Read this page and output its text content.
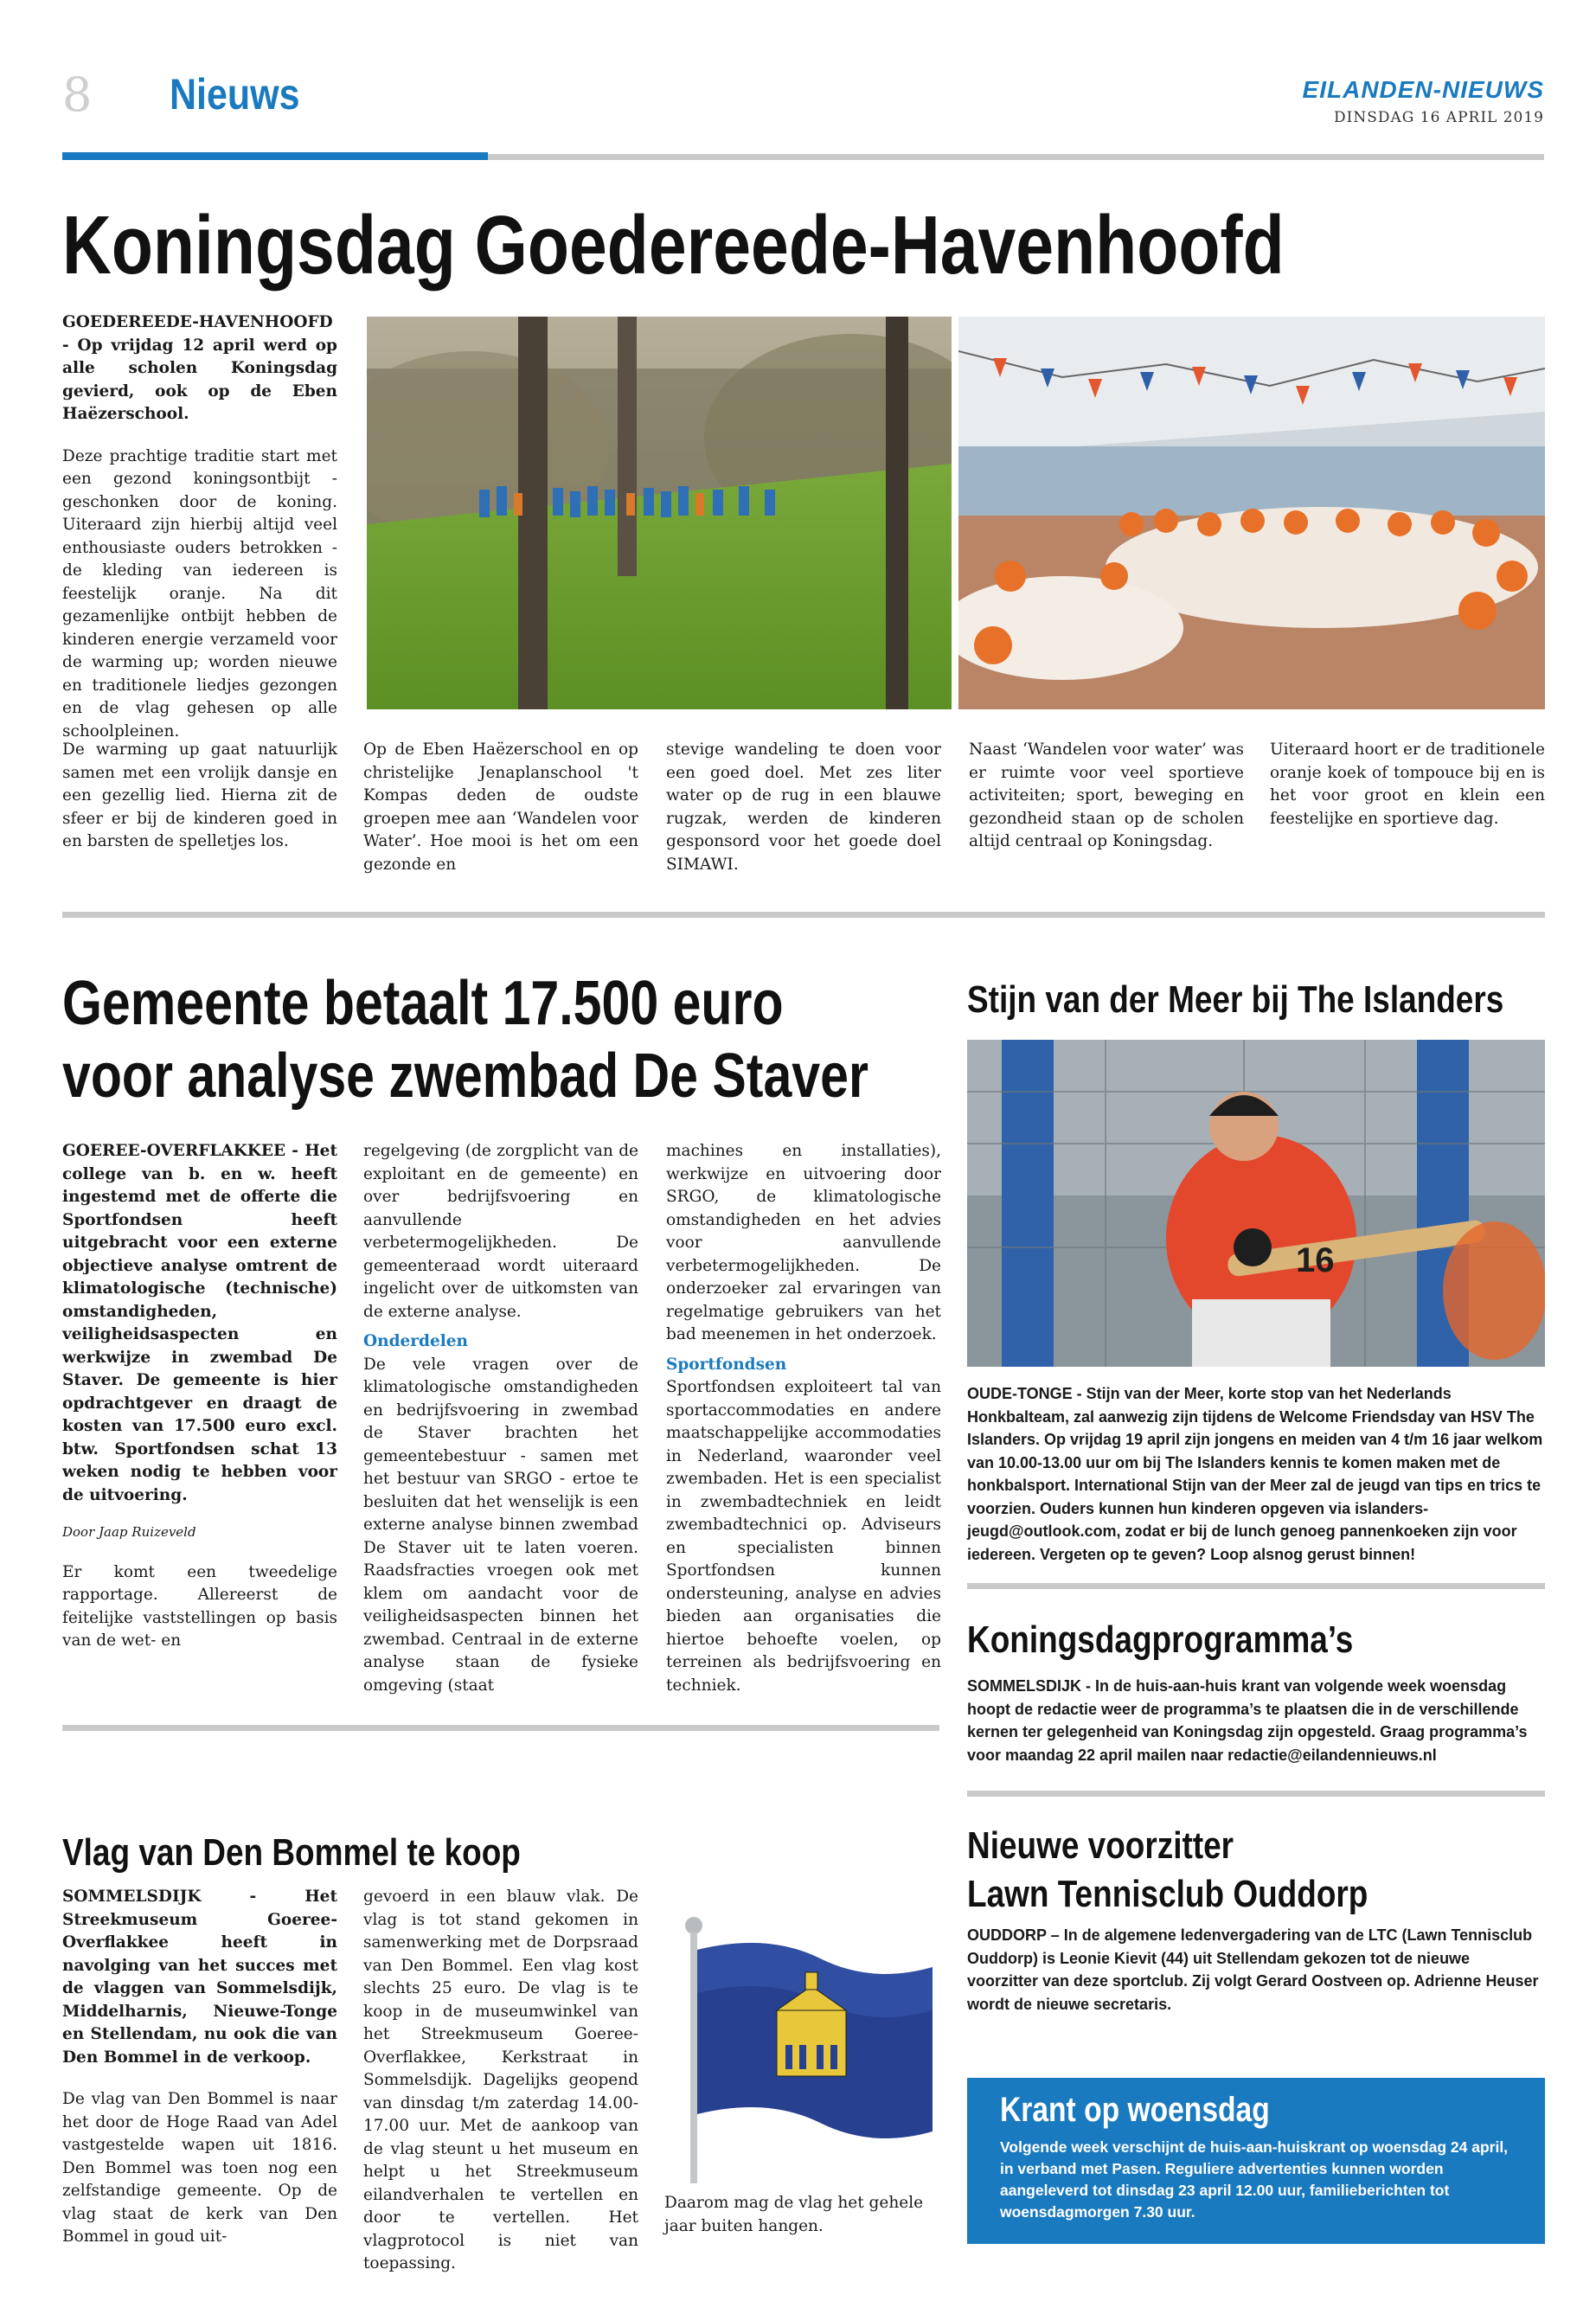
8 Nieuws	EILANDEN-NIEUWS
DINSDAG 16 APRIL 2019
Koningsdag Goedereede-Havenhoofd

GOEDEREEDE-HAVENHOOFD - Op vrijdag 12 april werd op alle scholen Koningsdag gevierd, ook op de Eben Haëzerschool.

Deze prachtige traditie start met een gezond koningsontbijt - geschonken door de koning. Uiteraard zijn hierbij altijd veel enthousiaste ouders betrokken - de kleding van iedereen is feestelijk oranje. Na dit gezamenlijke ontbijt hebben de kinderen energie verzameld voor de warming up; worden nieuwe en traditionele liedjes gezongen en de vlag gehesen op alle schoolpleinen.

De warming up gaat natuurlijk samen met een vrolijk dansje en een gezellig lied. Hierna zit de sfeer er bij de kinderen goed in en barsten de spelletjes los.
Op de Eben Haëzerschool en op christelijke Jenaplanschool 't Kompas deden de oudste groepen mee aan ‘Wandelen voor Water’. Hoe mooi is het om een gezonde en
stevige wandeling te doen voor een goed doel. Met zes liter water op de rug in een blauwe rugzak, werden de kinderen gesponsord voor het goede doel SIMAWI.
Naast ‘Wandelen voor water’ was er ruimte voor veel sportieve activiteiten; sport, beweging en gezondheid staan op de scholen altijd centraal op Koningsdag.
Uiteraard hoort er de traditionele oranje koek of tompouce bij en is het voor groot en klein een feestelijke en sportieve dag.
Gemeente betaalt 17.500 euro
voor analyse zwembad De Staver
GOEREE-OVERFLAKKEE - Het college van b. en w. heeft ingestemd met de offerte die Sportfondsen heeft uitgebracht voor een externe objectieve analyse omtrent de klimatologische (technische) omstandigheden, veiligheidsaspecten en werkwijze in zwembad De Staver. De gemeente is hier opdrachtgever en draagt de kosten van 17.500 euro excl. btw. Sportfondsen schat 13 weken nodig te hebben voor de uitvoering.
Door Jaap Ruizeveld
Er komt een tweedelige rapportage. Allereerst de feitelijke vaststellingen op basis van de wet- en
regelgeving (de zorgplicht van de exploitant en de gemeente) en over bedrijfsvoering en aanvullende verbetermogelijkheden. De gemeenteraad wordt uiteraard ingelicht over de uitkomsten van de externe analyse.
Onderdelen
De vele vragen over de klimatologische omstandigheden en bedrijfsvoering in zwembad de Staver brachten het gemeentebestuur - samen met het bestuur van SRGO - ertoe te besluiten dat het wenselijk is een externe analyse binnen zwembad De Staver uit te laten voeren. Raadsfracties vroegen ook met klem om aandacht voor de veiligheidsaspecten binnen het zwembad. Centraal in de externe analyse staan de fysieke omgeving (staat
machines en installaties), werkwijze en uitvoering door SRGO, de klimatologische omstandigheden en het advies voor aanvullende verbetermogelijkheden. De onderzoeker zal ervaringen van regelmatige gebruikers van het bad meenemen in het onderzoek.
Sportfondsen
Sportfondsen exploiteert tal van sportaccommodaties en andere maatschappelijke accommodaties in Nederland, waaronder veel zwembaden. Het is een specialist in zwembadtechniek en leidt zwembadtechnici op. Adviseurs en specialisten binnen Sportfondsen kunnen ondersteuning, analyse en advies bieden aan organisaties die hiertoe behoefte voelen, op terreinen als bedrijfsvoering en techniek.
Stijn van der Meer bij The Islanders
16
OUDE-TONGE - Stijn van der Meer, korte stop van het Nederlands Honkbalteam, zal aanwezig zijn tijdens de Welcome Friendsday van HSV The Islanders. Op vrijdag 19 april zijn jongens en meiden van 4 t/m 16 jaar welkom van 10.00-13.00 uur om bij The Islanders kennis te komen maken met de honkbalsport. International Stijn van der Meer zal de jeugd van tips en trics te voorzien. Ouders kunnen hun kinderen opgeven via islanders-jeugd@outlook.com, zodat er bij de lunch genoeg pannenkoeken zijn voor iedereen. Vergeten op te geven? Loop alsnog gerust binnen!
Koningsdagprogramma’s
SOMMELSDIJK - In de huis-aan-huis krant van volgende week woensdag hoopt de redactie weer de programma’s te plaatsen die in de verschillende kernen ter gelegenheid van Koningsdag zijn opgesteld. Graag programma’s voor maandag 22 april mailen naar redactie@eilandennieuws.nl
Vlag van Den Bommel te koop

SOMMELSDIJK - Het Streekmuseum Goeree-Overflakkee heeft in navolging van het succes met de vlaggen van Sommelsdijk, Middelharnis, Nieuwe-Tonge en Stellendam, nu ook die van Den Bommel in de verkoop.

De vlag van Den Bommel is naar het door de Hoge Raad van Adel vastgestelde wapen uit 1816. Den Bommel was toen nog een zelfstandige gemeente. Op de vlag staat de kerk van Den Bommel in goud uit-
gevoerd in een blauw vlak. De vlag is tot stand gekomen in samenwerking met de Dorpsraad van Den Bommel. Een vlag kost slechts 25 euro. De vlag is te koop in de museumwinkel van het Streekmuseum Goeree-Overflakkee, Kerkstraat in Sommelsdijk. Dagelijks geopend van dinsdag t/m zaterdag 14.00-17.00 uur. Met de aankoop van de vlag steunt u het museum en helpt u het Streekmuseum eilandverhalen te vertellen en door te vertellen. Het vlagprotocol is niet van toepassing.
Daarom mag de vlag het gehele jaar buiten hangen.
Nieuwe voorzitter
Lawn Tennisclub Ouddorp
OUDDORP – In de algemene ledenvergadering van de LTC (Lawn Tennisclub Ouddorp) is Leonie Kievit (44) uit Stellendam gekozen tot de nieuwe voorzitter van deze sportclub. Zij volgt Gerard Oostveen op. Adrienne Heuser wordt de nieuwe secretaris.
Krant op woensdag
Volgende week verschijnt de huis-aan-huiskrant op woensdag 24 april, in verband met Pasen. Reguliere advertenties kunnen worden aangeleverd tot dinsdag 23 april 12.00 uur, familieberichten tot woensdagmorgen 7.30 uur.
